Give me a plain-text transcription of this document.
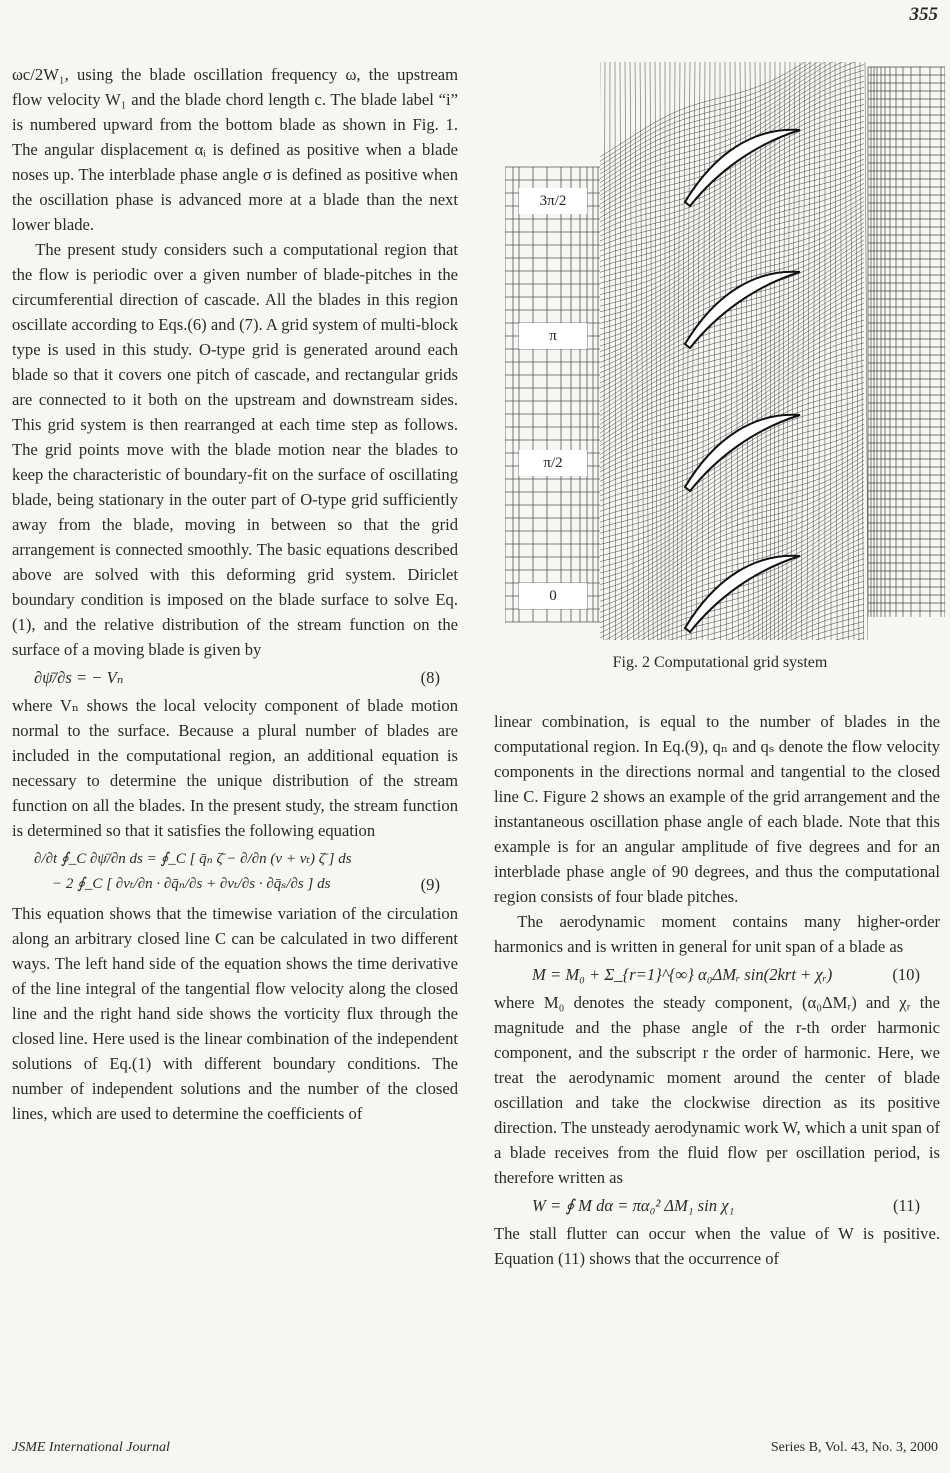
355

ωc/2W₁, using the blade oscillation frequency ω, the upstream flow velocity W₁ and the blade chord length c. The blade label “i” is numbered upward from the bottom blade as shown in Fig. 1. The angular displacement αᵢ is defined as positive when a blade noses up. The interblade phase angle σ is defined as positive when the oscillation phase is advanced more at a blade than the next lower blade.

The present study considers such a computational region that the flow is periodic over a given number of blade-pitches in the circumferential direction of cascade. All the blades in this region oscillate according to Eqs.(6) and (7). A grid system of multi-block type is used in this study. O-type grid is generated around each blade so that it covers one pitch of cascade, and rectangular grids are connected to it both on the upstream and downstream sides. This grid system is then rearranged at each time step as follows. The grid points move with the blade motion near the blades to keep the characteristic of boundary-fit on the surface of oscillating blade, being stationary in the outer part of O-type grid sufficiently away from the blade, moving in between so that the grid arrangement is connected smoothly. The basic equations described above are solved with this deforming grid system. Diriclet boundary condition is imposed on the blade surface to solve Eq.(1), and the relative distribution of the stream function on the surface of a moving blade is given by

∂ψ̄/∂s = − Vₙ	(8)

where Vₙ shows the local velocity component of blade motion normal to the surface. Because a plural number of blades are included in the computational region, an additional equation is necessary to determine the unique distribution of the stream function on all the blades. In the present study, the stream function is determined so that it satisfies the following equation

∂/∂t ∮_C ∂ψ̄/∂n ds = ∮_C [ q̄ₙ ζ̄ − ∂/∂n (ν + νₜ) ζ̄ ] ds
− 2 ∮_C [ ∂νₜ/∂n · ∂q̄ₙ/∂s + ∂νₜ/∂s · ∂q̄ₛ/∂s ] ds	(9)

This equation shows that the timewise variation of the circulation along an arbitrary closed line C can be calculated in two different ways. The left hand side of the equation shows the time derivative of the line integral of the tangential flow velocity along the closed line and the right hand side shows the vorticity flux through the closed line. Here used is the linear combination of the independent solutions of Eq.(1) with different boundary conditions. The number of independent solutions and the number of the closed lines, which are used to determine the coefficients of

3π/2
π
π/2
0
Fig. 2 Computational grid system

linear combination, is equal to the number of blades in the computational region. In Eq.(9), qₙ and qₛ denote the flow velocity components in the directions normal and tangential to the closed line C. Figure 2 shows an example of the grid arrangement and the instantaneous oscillation phase angle of each blade. Note that this example is for an angular amplitude of five degrees and for an interblade phase angle of 90 degrees, and thus the computational region consists of four blade pitches.

The aerodynamic moment contains many higher-order harmonics and is written in general for unit span of a blade as

M = M₀ + Σ_{r=1}^{∞} α₀ΔMᵣ sin(2krt + χᵣ)	(10)

where M₀ denotes the steady component, (α₀ΔMᵣ) and χᵣ the magnitude and the phase angle of the r-th order harmonic component, and the subscript r the order of harmonic. Here, we treat the aerodynamic moment around the center of blade oscillation and take the clockwise direction as its positive direction. The unsteady aerodynamic work W, which a unit span of a blade receives from the fluid flow per oscillation period, is therefore written as

W = ∮ M dα = πα₀² ΔM₁ sin χ₁	(11)

The stall flutter can occur when the value of W is positive. Equation (11) shows that the occurrence of

JSME International Journal	Series B, Vol. 43, No. 3, 2000
